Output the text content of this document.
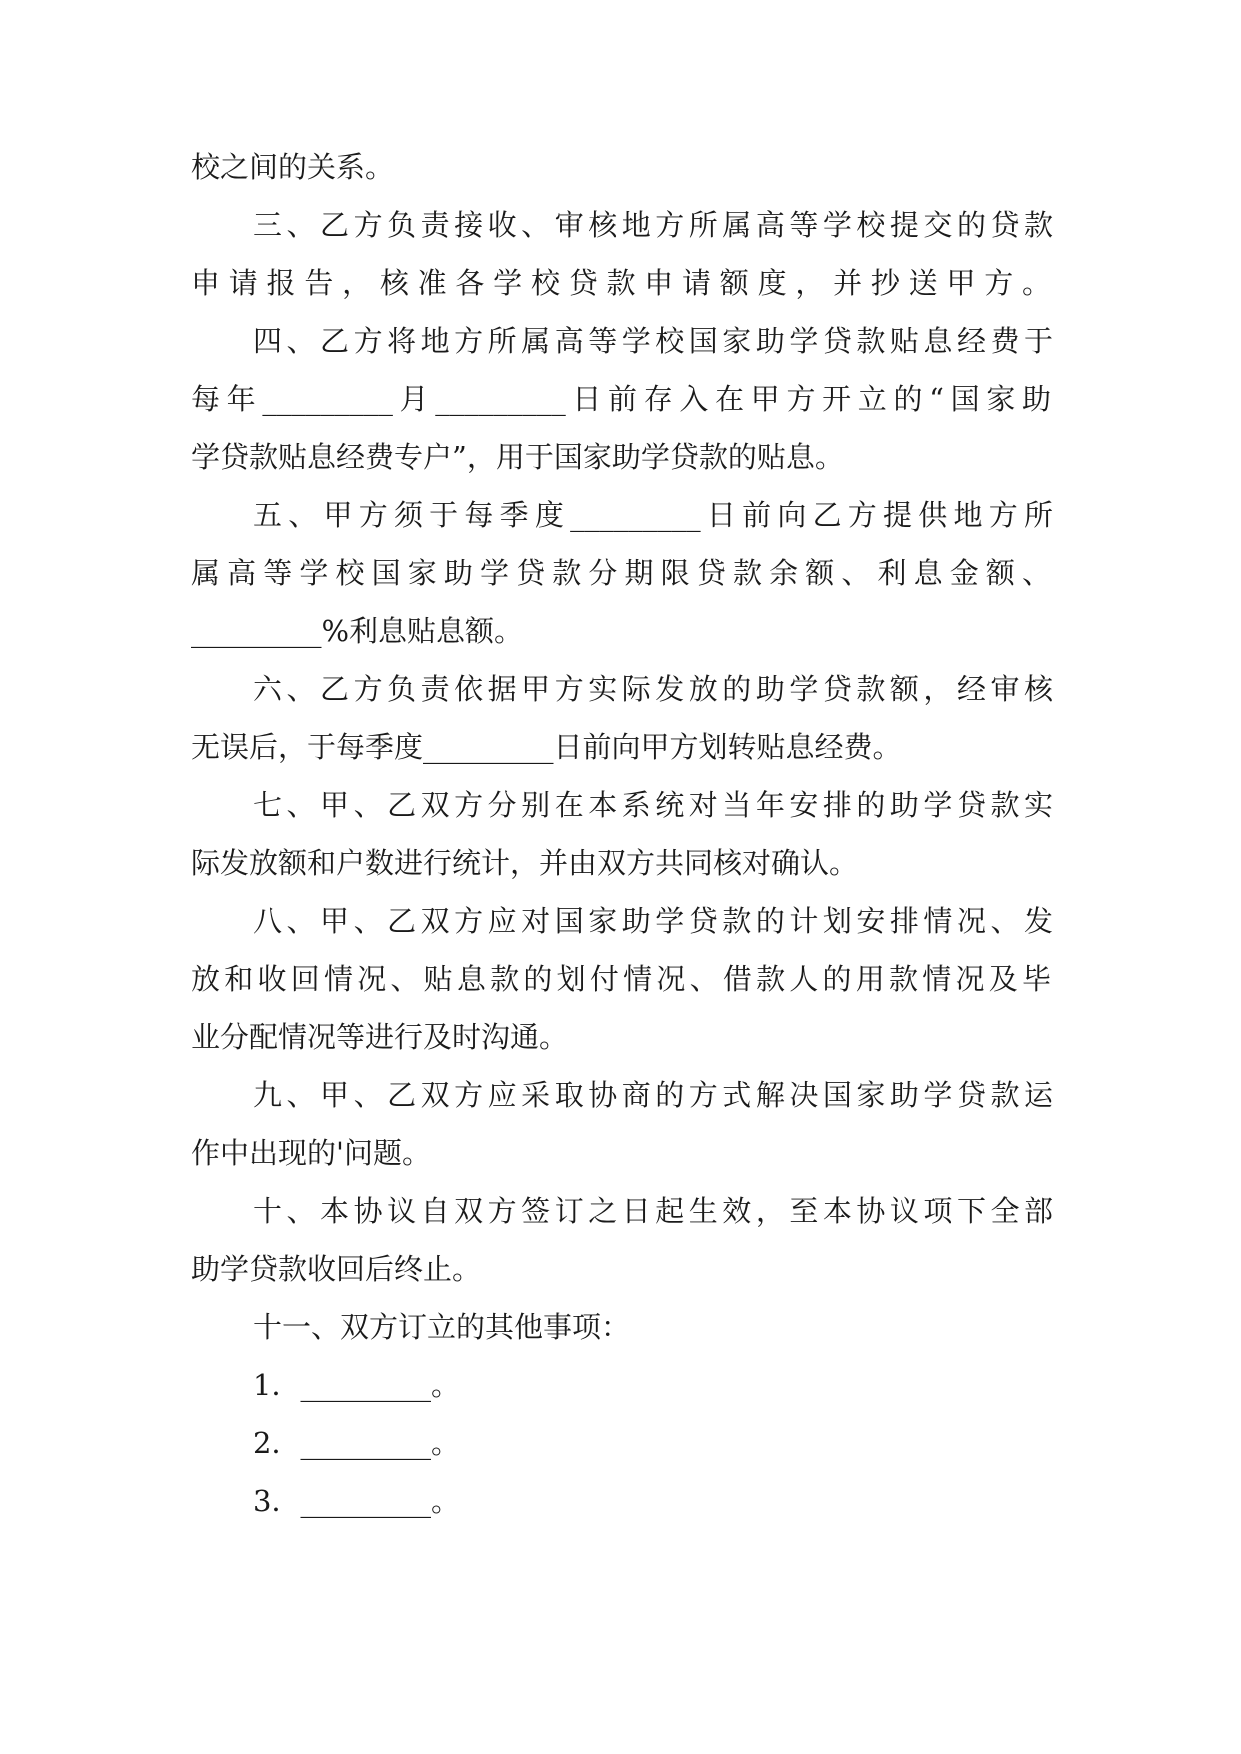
校之间的关系。
三、乙方负责接收、审核地方所属高等学校提交的贷款
申请报告，核准各学校贷款申请额度，并抄送甲方。
四、乙方将地方所属高等学校国家助学贷款贴息经费于
每年_________月_________日前存入在甲方开立的“国家助
学贷款贴息经费专户”，用于国家助学贷款的贴息。
五、甲方须于每季度_________日前向乙方提供地方所
属高等学校国家助学贷款分期限贷款余额、利息金额、
_________%利息贴息额。
六、乙方负责依据甲方实际发放的助学贷款额，经审核
无误后，于每季度_________日前向甲方划转贴息经费。
七、甲、乙双方分别在本系统对当年安排的助学贷款实
际发放额和户数进行统计，并由双方共同核对确认。
八、甲、乙双方应对国家助学贷款的计划安排情况、发
放和收回情况、贴息款的划付情况、借款人的用款情况及毕
业分配情况等进行及时沟通。
九、甲、乙双方应采取协商的方式解决国家助学贷款运
作中出现的'问题。
十、本协议自双方签订之日起生效，至本协议项下全部
助学贷款收回后终止。
十一、双方订立的其他事项：
1．_________。
2．_________。
3．_________。
